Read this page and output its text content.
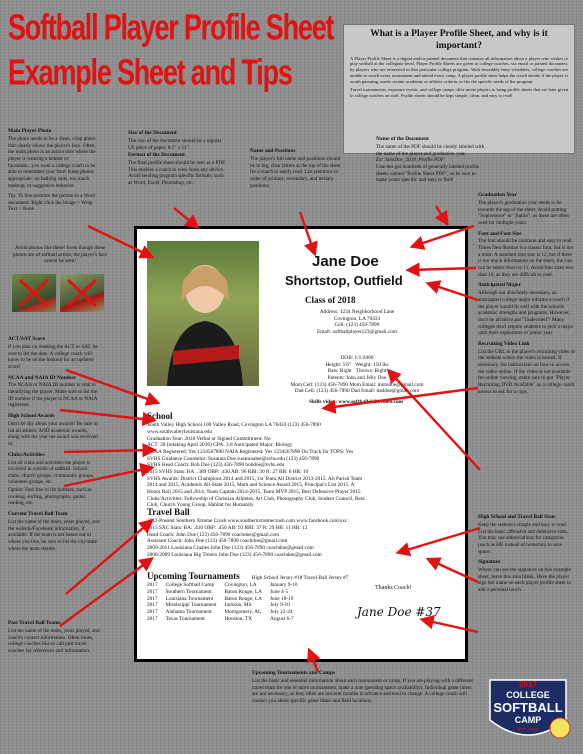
Softball Player Profile Sheet
Example Sheet and Tips
What is a Player Profile Sheet, and why is it important?

A Player Profile Sheet is a digital and/or printed document that contains all information about a player who wishes to play softball at the collegiate level. Player Profile Sheets are given to college coaches, via email or printed document, by players who are interested in that particular college program. With incredibly busy schedules, college coaches are unable to watch every tournament and attend every camp. A player profile sheet helps the coach decide if the player is worth pursuing, meets certain academic or athletic criteria, or fits the specific needs of the program.

Travel tournaments, exposure events, and college camps offer invite players to bring profile sheets that are later given to college coaches on staff. Profile sheets should be kept simple, clean, and easy to read!

Main Player Photo

The photo needs to be a clean, crisp photo that clearly shows the player's face. Often, the main photo is an action shot where the player is wearing a helmet or facemask...you want a college coach to be able to remember your face! Keep photos appropriate: no bathing suits, too much makeup, or suggestive behavior.

Tip: To line position the picture in a Word document: Right click the image > Wrap Text > None.

Avoid photos like these! Even though these photos are of softball action, the player's face cannot be seen!
ACT/SAT Score

If you plan on retaking the ACT or SAT, be sure to list the date. A college coach will know to be on the lookout for an updated score!

NCAA and NAIA ID Number

The NCAA or NAIA ID number is vital to identifying the player. Make sure to list the ID number if the player is NCAA or NAIA registered.

High School Awards

Don't be shy about your awards! Be sure to list all athletic AND academic awards, along with the year the award was received in.

Clubs/Activities

List all clubs and activities the player is involved in outside of softball. School clubs, church groups, community groups, volunteer groups, etc.

Option: Feel free to list hobbies, such as cooking, surfing, photography, guitar, reading, etc.

Current Travel Ball Team

List the name of the team, years played, and the website/Facebook information, if available. If the team is not based out of where you live, be sure to list the city/state where the team resides.

Past Travel Ball Teams

List the name of the team, years played, and coach's contact information. Often times, college coaches like to call past travel coaches for references and information.

Size of the Document

The size of the document should be a regular US piece of paper, 8.5" x 11".

Format of the Document

The final profile sheet should be sent as a PDF. This enables a coach to view from any device. Avoid sending program specific formats, such as Word, Excel, Photoshop, etc.

Name and Positions

The player's full name and positions should be in big, clear letters at the top of the sheet for a coach to easily read. List positions in order of primary, secondary, and tertiary positions.

Name of the Document

The name of the PDF should be clearly labeled with the name of the player and graduation year.

Ex: JaneDoe_2018_Profile.PDF

Coaches get hundreds of generally labeled profile sheets named "Profile Sheet.PDF", so be sure to make yours specific and easy to find!

Graduation Year

The player's graduation year needs to be towards the top of the sheet. Avoid putting "Sophomore" or "Junior", as these are often used for multiple years.

Font and Font Size

The font should be common and easy to read. Times New Roman is a classic font, but is not a must. A standard font size is 12, but if there is too much information on the sheet, the size can be taken down to 11. Avoid font sizes less than 10, as they are difficult to read.

Anticipated Major

Although not absolutely necessary, an anticipated college major informs a coach if the player would fit well with the schools academic strengths and programs. However, don't be afraid to put "Undecided"! Many colleges don't require students to pick a major until their sophomore or junior year.

Recruiting Video Link

List the URL to the player's recruiting video or the website where the video is hosted. If necessary, list instructions on how to access the video online. If the video is not available for online viewing, make sure to put "Player Recruiting DVD Available" so a college coach knows to ask for a copy.

High School and Travel Ball Stats

Keep the statistics simple and easy to read. List the basic offensive and defensive stats. You may use abbreviations for categories (such as HR instead of homerun) to save space.

Signature

Where you see the signature on this example sheet, leave this area blank. Have the player sign her name on each player profile sheet to add a personal touch.

Upcoming Tournaments and Camps

List the basic and essential information about each tournament or camp. If you are playing with a different travel team for one or more tournaments, make a note (pending space availability). Individual game times are not necessary, as they often are not sent months in advance and tend to change. A college coach will contact you about specific game times and field locations.

Jane Doe
Shortstop, Outfield
Class of 2018
Address: 1234 Neighborhood Lane
Covington, LA 70433
Cell: (123) 456-7890
Email: softballplayer123@gmail.com
DOB: 1/1/2000
Height: 5'6" Weight: 150 lbs
Bats: Right Throws: Right
Parents: John and Jelly Doe
Mom Cell: (123) 456-7890 Mom Email: momdoe@gmail.com
Dad Cell: (123) 456-7890 Dad Email: daddoe@gmail.com
Skills video: www.softballskillsvideo.com
School
South Valley High School 100 Valley Road, Covington LA 70433 (123) 456-7890
www.southvalleylouisiana.edu
Graduation Year: 2018 Verbal or Signed Commitment: No
ACT: 28 (retaking April 2016) GPA: 3.8 Anticipated Major: Biology
NCAA Registered: Yes 1234567890 NAIA Registered: Yes 1234567890 On Track for TOPS: Yes
SVHS Guidance Counselor: Susanna Doe susannadoe@svhs.edu (123) 456-7890
SVHS Head Coach: Bob Doe (123) 456-7890 bobdoe@svhs.edu
2015 SVHS Stats: BA: .389 OBP: .430 AB: 90 RBI: 30 R: 27 BB: 8 HR: 10
SVHS Awards: District Champions 2014 and 2015, 1st Team All District 2013-2015, All Parish Team
2014 and 2015, Academic All-State 2015, Math and Science Award 2015, Principal's List 2015, A
Honor Roll 2015 and 2014, Team Captain 2014-2015, Team MVP 2015, Best Defensive Player 2015
Clubs/Activities: Fellowship of Christian Athletes, Art Club, Photography Club, Student Council, Beta
Club, Church Young Group, Habitat for Humanity
Travel Ball
2011-Present Southern Xtreme Crush www.southernxtremecrush.com www.facebook.com/sxc
2015 SXC Stats: BA: .410 OBP: .450 AB: 93 RBI: 37 R: 29 BB: 11 HR: 12
Head Coach: John Doe (123) 456-7890 coachdoe@gmail.com
Assistant Coach: John Doe (123) 456-7890 coachdoe@gmail.com
2009-2011 Louisiana Crazies John Doe (123) 456-7890 coachdoe@gmail.com
2008-2009 Louisiana Big Timers John Doe (123) 456-7890 coachdoe@gmail.com
Upcoming Tournaments High School Jersey #18 Travel Ball Jersey #7
2017	College Softball Camp	Covington, LA	January 9-10
2017	Southern Tournament	Baton Rouge, LA	June 4-5
2017	Louisiana Tournament	Baton Rouge, LA	June 18-19
2017	Mississippi Tournament	Jackson, MS	July 9-10
2017	Alabama Tournament	Montgomery, AL	July 23-24
2017	Texas Tournament	Houston, TX	August 6-7
Thanks Coach!
Jane Doe #37
2017
COLLEGE
SOFTBALL
CAMP
EST. 2000
